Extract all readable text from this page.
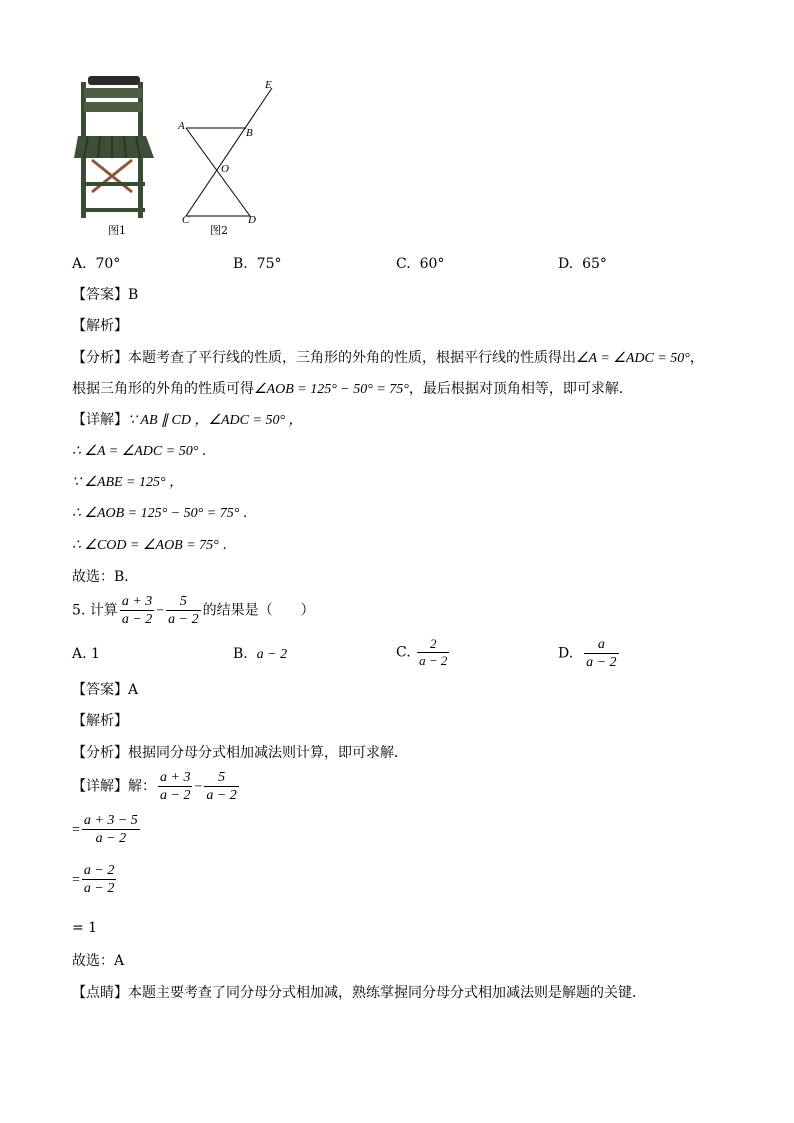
图1
A
B
C	D
E
O
图2
A. 70°	B. 75°	C. 60°	D. 65°
【答案】B
【解析】
【分析】本题考查了平行线的性质，三角形的外角的性质，根据平行线的性质得出∠A = ∠ADC = 50°，
根据三角形的外角的性质可得∠AOB = 125° − 50° = 75°，最后根据对顶角相等，即可求解．
【详解】∵ AB ∥ CD ，∠ADC = 50° ，
∴ ∠A = ∠ADC = 50° ．
∵ ∠ABE = 125° ，
∴ ∠AOB = 125° − 50° = 75° ．
∴ ∠COD = ∠AOB = 75° ．
故选：B．
5. 计算 $\frac{a + 3}{a - 2} - \frac{5}{a - 2}$ 的结果是（　　）
A. 1	B. a − 2	C. $\frac{2}{a - 2}$	D. $\frac{a}{a - 2}$
【答案】A
【解析】
【分析】根据同分母分式相加减法则计算，即可求解．
【详解】解： $\frac{a + 3}{a - 2} - \frac{5}{a - 2}$
= $\frac{a + 3 - 5}{a - 2}$
= $\frac{a - 2}{a - 2}$
= 1
故选：A
【点睛】本题主要考查了同分母分式相加减，熟练掌握同分母分式相加减法则是解题的关键．
